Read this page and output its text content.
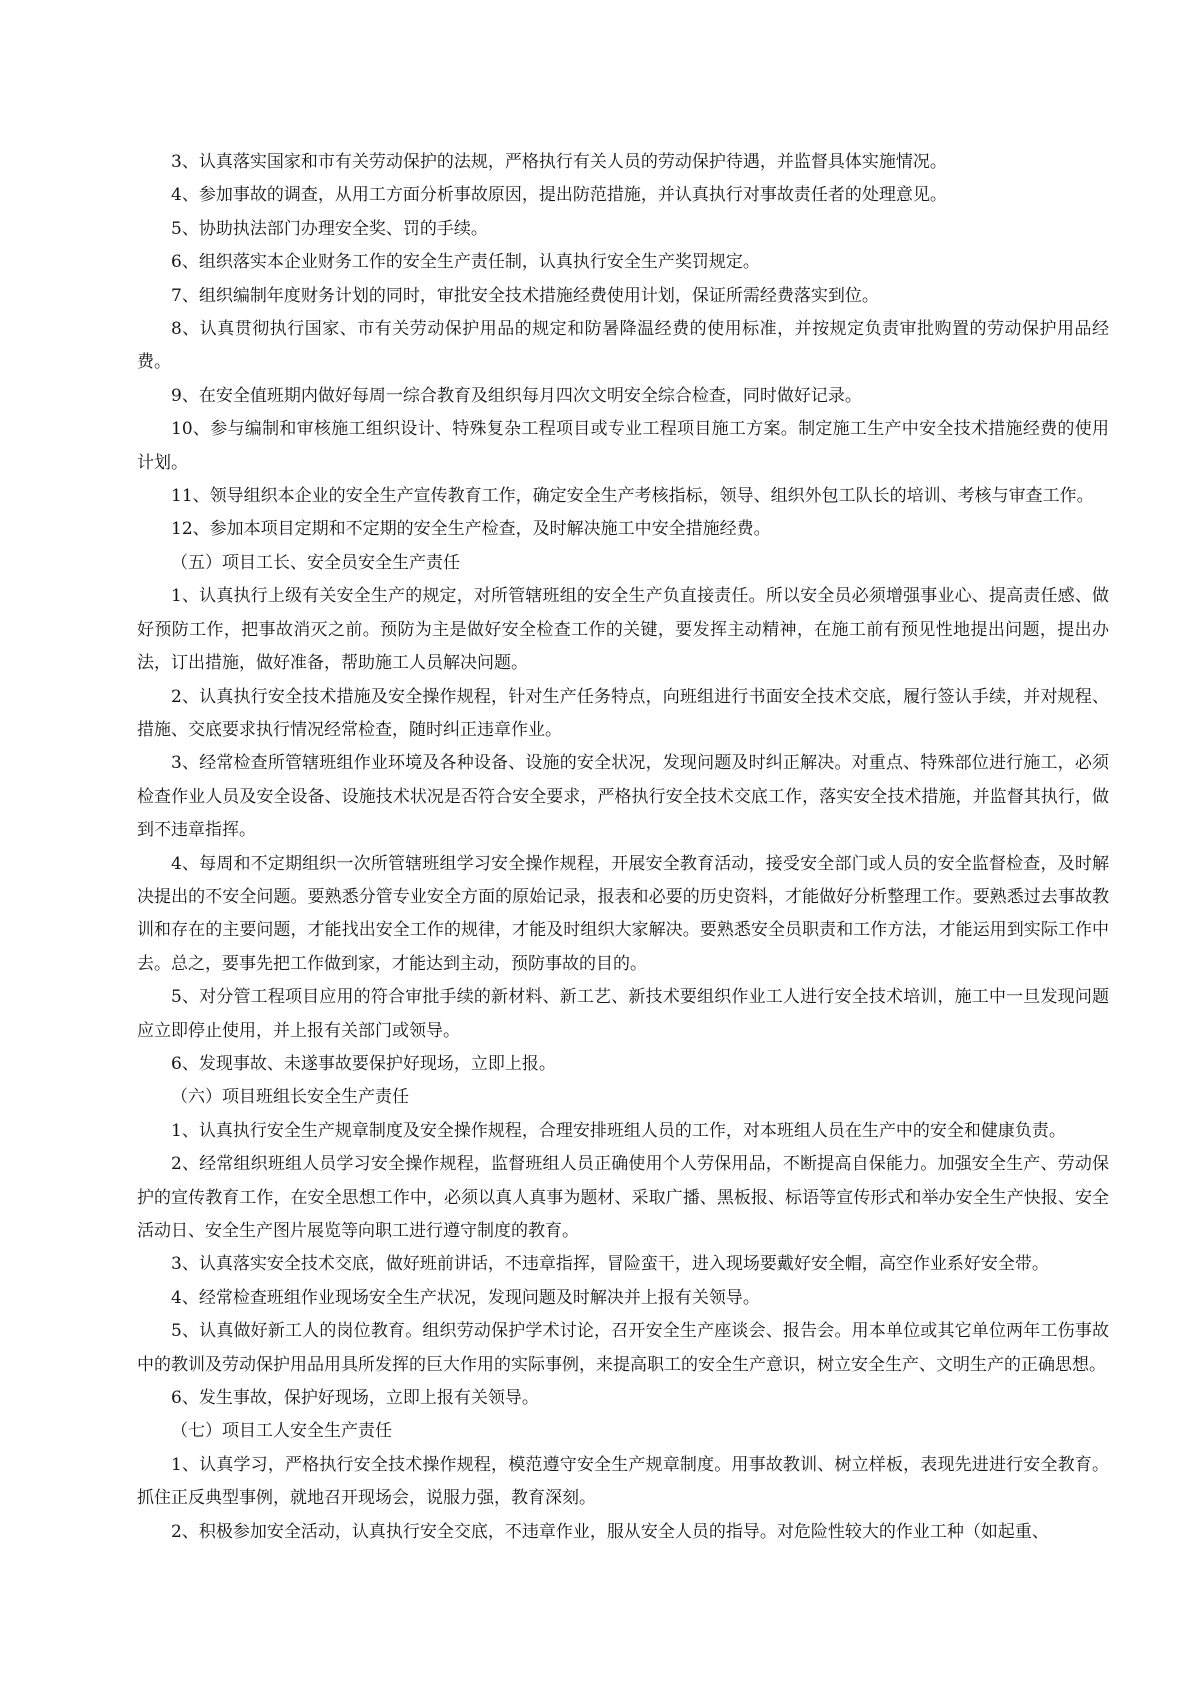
3、认真落实国家和市有关劳动保护的法规，严格执行有关人员的劳动保护待遇，并监督具体实施情况。

4、参加事故的调查，从用工方面分析事故原因，提出防范措施，并认真执行对事故责任者的处理意见。

5、协助执法部门办理安全奖、罚的手续。

6、组织落实本企业财务工作的安全生产责任制，认真执行安全生产奖罚规定。

7、组织编制年度财务计划的同时，审批安全技术措施经费使用计划，保证所需经费落实到位。

8、认真贯彻执行国家、市有关劳动保护用品的规定和防暑降温经费的使用标准，并按规定负责审批购置的劳动保护用品经费。

9、在安全值班期内做好每周一综合教育及组织每月四次文明安全综合检查，同时做好记录。

10、参与编制和审核施工组织设计、特殊复杂工程项目或专业工程项目施工方案。制定施工生产中安全技术措施经费的使用计划。

11、领导组织本企业的安全生产宣传教育工作，确定安全生产考核指标，领导、组织外包工队长的培训、考核与审查工作。

12、参加本项目定期和不定期的安全生产检查，及时解决施工中安全措施经费。

（五）项目工长、安全员安全生产责任

1、认真执行上级有关安全生产的规定，对所管辖班组的安全生产负直接责任。所以安全员必须增强事业心、提高责任感、做好预防工作，把事故消灭之前。预防为主是做好安全检查工作的关键，要发挥主动精神，在施工前有预见性地提出问题，提出办法，订出措施，做好准备，帮助施工人员解决问题。

2、认真执行安全技术措施及安全操作规程，针对生产任务特点，向班组进行书面安全技术交底，履行签认手续，并对规程、措施、交底要求执行情况经常检查，随时纠正违章作业。

3、经常检查所管辖班组作业环境及各种设备、设施的安全状况，发现问题及时纠正解决。对重点、特殊部位进行施工，必须检查作业人员及安全设备、设施技术状况是否符合安全要求，严格执行安全技术交底工作，落实安全技术措施，并监督其执行，做到不违章指挥。

4、每周和不定期组织一次所管辖班组学习安全操作规程，开展安全教育活动，接受安全部门或人员的安全监督检查，及时解决提出的不安全问题。要熟悉分管专业安全方面的原始记录，报表和必要的历史资料，才能做好分析整理工作。要熟悉过去事故教训和存在的主要问题，才能找出安全工作的规律，才能及时组织大家解决。要熟悉安全员职责和工作方法，才能运用到实际工作中去。总之，要事先把工作做到家，才能达到主动，预防事故的目的。

5、对分管工程项目应用的符合审批手续的新材料、新工艺、新技术要组织作业工人进行安全技术培训，施工中一旦发现问题应立即停止使用，并上报有关部门或领导。

6、发现事故、未遂事故要保护好现场，立即上报。

（六）项目班组长安全生产责任

1、认真执行安全生产规章制度及安全操作规程，合理安排班组人员的工作，对本班组人员在生产中的安全和健康负责。

2、经常组织班组人员学习安全操作规程，监督班组人员正确使用个人劳保用品，不断提高自保能力。加强安全生产、劳动保护的宣传教育工作，在安全思想工作中，必须以真人真事为题材、采取广播、黑板报、标语等宣传形式和举办安全生产快报、安全活动日、安全生产图片展览等向职工进行遵守制度的教育。

3、认真落实安全技术交底，做好班前讲话，不违章指挥，冒险蛮干，进入现场要戴好安全帽，高空作业系好安全带。

4、经常检查班组作业现场安全生产状况，发现问题及时解决并上报有关领导。

5、认真做好新工人的岗位教育。组织劳动保护学术讨论，召开安全生产座谈会、报告会。用本单位或其它单位两年工伤事故中的教训及劳动保护用品用具所发挥的巨大作用的实际事例，来提高职工的安全生产意识，树立安全生产、文明生产的正确思想。

6、发生事故，保护好现场，立即上报有关领导。

（七）项目工人安全生产责任

1、认真学习，严格执行安全技术操作规程，模范遵守安全生产规章制度。用事故教训、树立样板，表现先进进行安全教育。抓住正反典型事例，就地召开现场会，说服力强，教育深刻。

2、积极参加安全活动，认真执行安全交底，不违章作业，服从安全人员的指导。对危险性较大的作业工种（如起重、
